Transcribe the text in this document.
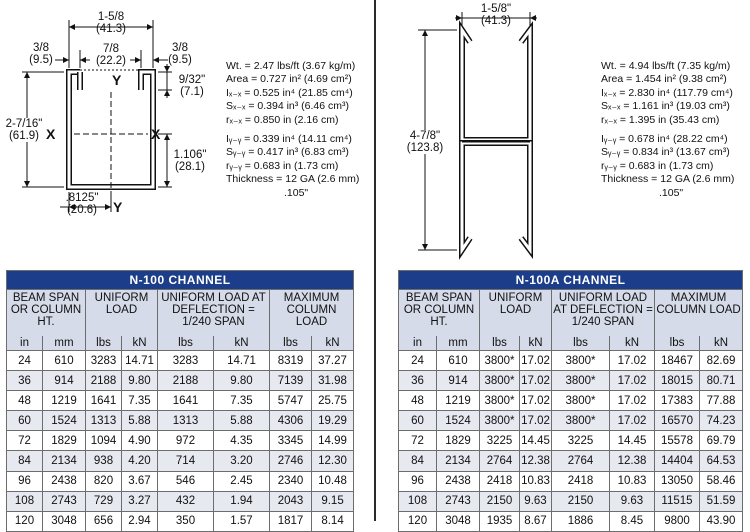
1-5/8
(41.3)
3/8
(9.5)
7/8
(22.2)
3/8
(9.5)
9/32"
(7.1)
2-7/16"
(61.9)
1.106"
(28.1)
.8125"
(20.6)
X	X
Y
Y
Wt. = 2.47 lbs/ft (3.67 kg/m)
Area = 0.727 in² (4.69 cm²)
Iₓ₋ₓ = 0.525 in⁴ (21.85 cm⁴)
Sₓ₋ₓ = 0.394 in³ (6.46 cm³)
rₓ₋ₓ = 0.850 in (2.16 cm)
Iᵧ₋ᵧ = 0.339 in⁴ (14.11 cm⁴)
Sᵧ₋ᵧ = 0.417 in³ (6.83 cm³)
rᵧ₋ᵧ = 0.683 in (1.73 cm)
Thickness = 12 GA (2.6 mm)
.105"
1-5/8"
(41.3)
4-7/8"
(123.8)
Wt. = 4.94 lbs/ft (7.35 kg/m)
Area = 1.454 in² (9.38 cm²)
Iₓ₋ₓ = 2.830 in⁴ (117.79 cm⁴)
Sₓ₋ₓ = 1.161 in³ (19.03 cm³)
rₓ₋ₓ = 1.395 in (35.43 cm)
Iᵧ₋ᵧ = 0.678 in⁴ (28.22 cm⁴)
Sᵧ₋ᵧ = 0.834 in³ (13.67 cm³)
rᵧ₋ᵧ = 0.683 in (1.73 cm)
Thickness = 12 GA (2.6 mm)
.105"
N-100 CHANNEL							
BEAM SPAN OR COLUMN HT.		UNIFORM LOAD		UNIFORM LOAD AT DEFLECTION = 1/240 SPAN		MAXIMUM COLUMN LOAD	
in	mm	lbs	kN	lbs	kN	lbs	kN
24	610	3283	14.71	3283	14.71	8319	37.27
36	914	2188	9.80	2188	9.80	7139	31.98
48	1219	1641	7.35	1641	7.35	5747	25.75
60	1524	1313	5.88	1313	5.88	4306	19.29
72	1829	1094	4.90	972	4.35	3345	14.99
84	2134	938	4.20	714	3.20	2746	12.30
96	2438	820	3.67	546	2.45	2340	10.48
108	2743	729	3.27	432	1.94	2043	9.15
120	3048	656	2.94	350	1.57	1817	8.14
N-100A CHANNEL							
BEAM SPAN OR COLUMN HT.		UNIFORM LOAD		UNIFORM LOAD AT DEFLECTION = 1/240 SPAN		MAXIMUM COLUMN LOAD	
in	mm	lbs	kN	lbs	kN	lbs	kN
24	610	3800*	17.02	3800*	17.02	18467	82.69
36	914	3800*	17.02	3800*	17.02	18015	80.71
48	1219	3800*	17.02	3800*	17.02	17383	77.88
60	1524	3800*	17.02	3800*	17.02	16570	74.23
72	1829	3225	14.45	3225	14.45	15578	69.79
84	2134	2764	12.38	2764	12.38	14404	64.53
96	2438	2418	10.83	2418	10.83	13050	58.46
108	2743	2150	9.63	2150	9.63	11515	51.59
120	3048	1935	8.67	1886	8.45	9800	43.90
